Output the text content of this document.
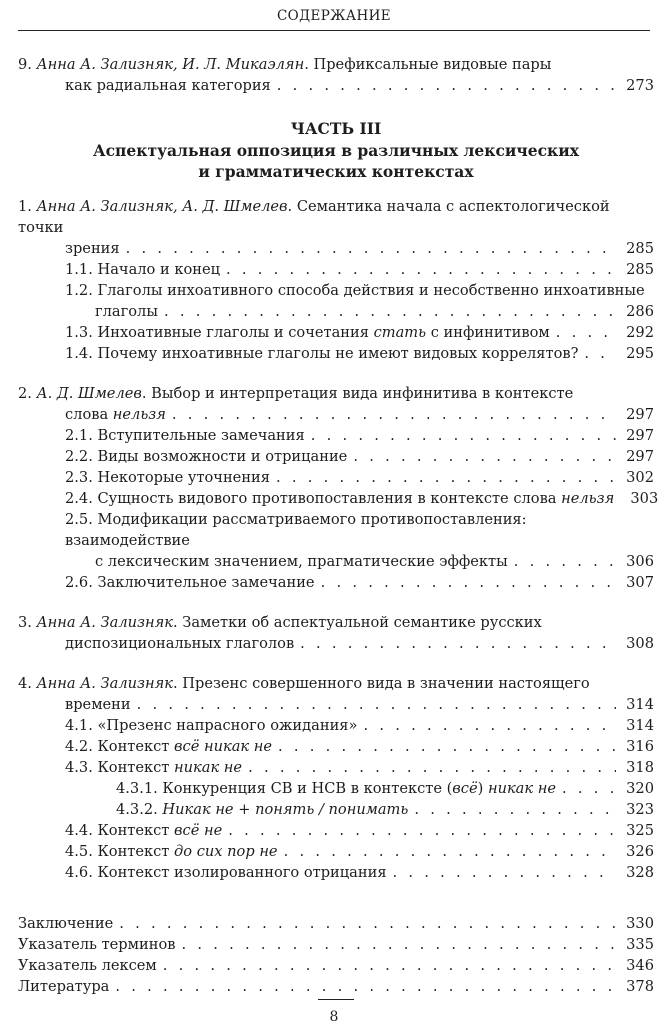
СОДЕРЖАНИЕ
9. Анна А. Зализняк, И. Л. Микаэлян. Префиксальные видовые пары
как радиальная категория . . .	273
ЧАСТЬ III
Аспектуальная оппозиция в различных лексических
и грамматических контекстах
1. Анна А. Зализняк, А. Д. Шмелев. Семантика начала с аспектологической точки
зрения . . .	285
1.1. Начало и конец . . .	285
1.2. Глаголы инхоативного способа действия и несобственно инхоативные
глаголы . . .	286
1.3. Инхоативные глаголы и сочетания стать с инфинитивом . . .	292
1.4. Почему инхоативные глаголы не имеют видовых коррелятов? . . .	295
2. А. Д. Шмелев. Выбор и интерпретация вида инфинитива в контексте
слова нельзя . . .	297
2.1. Вступительные замечания . . .	297
2.2. Виды возможности и отрицание . . .	297
2.3. Некоторые уточнения . . .	302
2.4. Сущность видового противопоставления в контексте слова нельзя 303
2.5. Модификации рассматриваемого противопоставления: взаимодействие
с лексическим значением, прагматические эффекты . . .	306
2.6. Заключительное замечание . . .	307
3. Анна А. Зализняк. Заметки об аспектуальной семантике русских
диспозициональных глаголов . . .	308
4. Анна А. Зализняк. Презенс совершенного вида в значении настоящего
времени . . .	314
4.1. «Презенс напрасного ожидания» . . .	314
4.2. Контекст всё никак не . . .	316
4.3. Контекст никак не . . .	318
4.3.1. Конкуренция СВ и НСВ в контексте (всё) никак не . . .	320
4.3.2. Никак не + понять / понимать . . .	323
4.4. Контекст всё не . . .	325
4.5. Контекст до сих пор не . . .	326
4.6. Контекст изолированного отрицания . . .	328
Заключение . . .	330
Указатель терминов . . .	335
Указатель лексем . . .	346
Литература . . .	378
8
